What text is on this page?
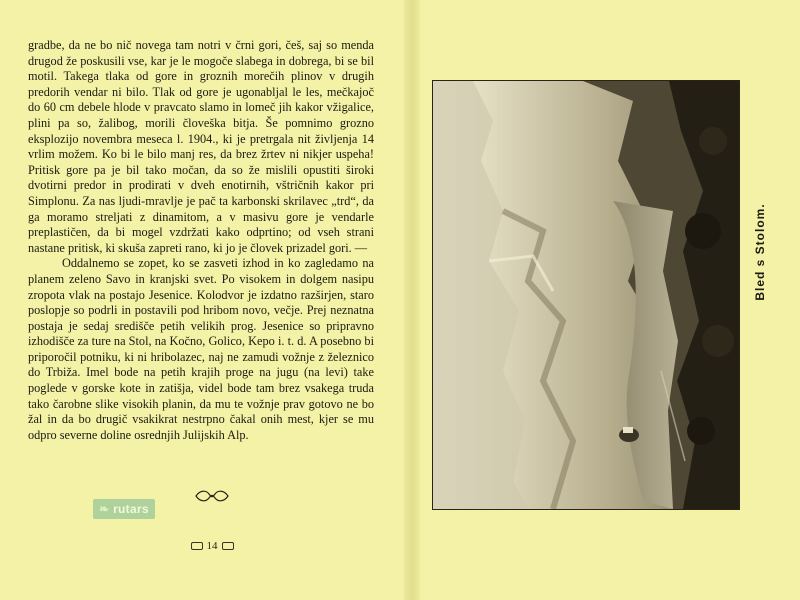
gradbe, da ne bo nič novega tam notri v črni gori, češ, saj so menda drugod že poskusili vse, kar je le mogoče slabega in dobrega, bi se bil motil. Takega tlaka od gore in groznih morečih plinov v drugih predorih vendar ni bilo. Tlak od gore je ugonabljal le les, mečkajoč do 60 cm debele hlode v pravcato slamo in lomeč jih kakor vžigalice, plini pa so, žalibog, morili človeška bitja. Še pomnimo grozno eksplozijo novembra meseca l. 1904., ki je pretrgala nit življenja 14 vrlim možem. Ko bi le bilo manj res, da brez žrtev ni nikjer uspeha! Pritisk gore pa je bil tako močan, da so že mislili opustiti široki dvotirni predor in prodirati v dveh enotirnih, vštričnih kakor pri Simplonu. Za nas ljudi-mravlje je pač ta karbonski skrilavec „trd“, da ga moramo streljati z dinamitom, a v masivu gore je vendarle preplastičen, da bi mogel vzdržati kako odprtino; od vseh strani nastane pritisk, ki skuša zapreti rano, ki jo je človek prizadel gori. —

Oddalnemo se zopet, ko se zasveti izhod in ko zagledamo na planem zeleno Savo in kranjski svet. Po visokem in dolgem nasipu zropota vlak na postajo Jesenice. Kolodvor je izdatno razširjen, staro poslopje so podrli in postavili pod hribom novo, večje. Prej neznatna postaja je sedaj središče petih velikih prog. Jesenice so pripravno izhodišče za ture na Stol, na Kočno, Golico, Kepo i. t. d. A posebno bi priporočil potniku, ki ni hribolazec, naj ne zamudi vožnje z železnico do Trbiža. Imel bode na petih krajih proge na jugu (na levi) take poglede v gorske kote in zatišja, videl bode tam brez vsakega truda tako čarobne slike visokih planin, da mu te vožnje prav gotovo ne bo žal in da bo drugič vsakikrat nestrpno čakal onih mest, kjer se mu odpro severne doline osrednjih Julijskih Alp.

❧ rutars
14
Bled s Stolom.
